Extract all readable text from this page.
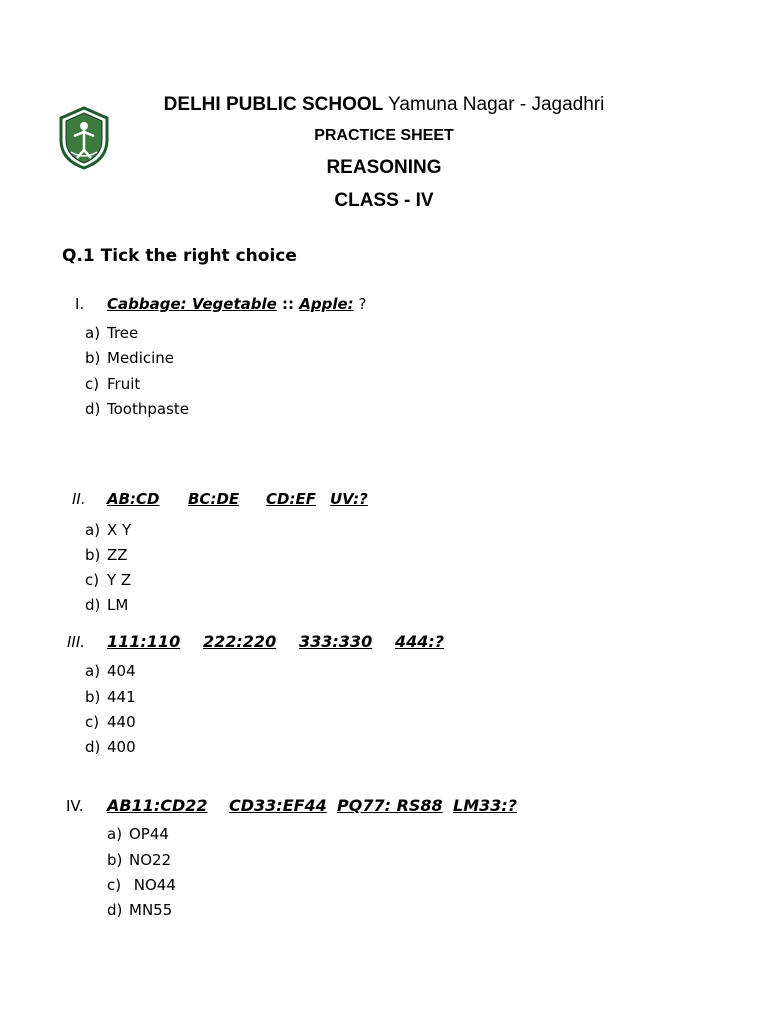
DELHI PUBLIC SCHOOL Yamuna Nagar - Jagadhri
PRACTICE SHEET
REASONING
CLASS - IV
Q.1 Tick the right choice
I. Cabbage: Vegetable :: Apple: ?
a) Tree
b) Medicine
c) Fruit
d) Toothpaste
II. AB:CD BC:DE CD:EF UV:?
a) X Y
b) ZZ
c) Y Z
d) LM
III. 111:110 222:220 333:330 444:?
a) 404
b) 441
c) 440
d) 400
IV. AB11:CD22 CD33:EF44 PQ77: RS88 LM33:?
a) OP44
b) NO22
c) NO44
d) MN55
